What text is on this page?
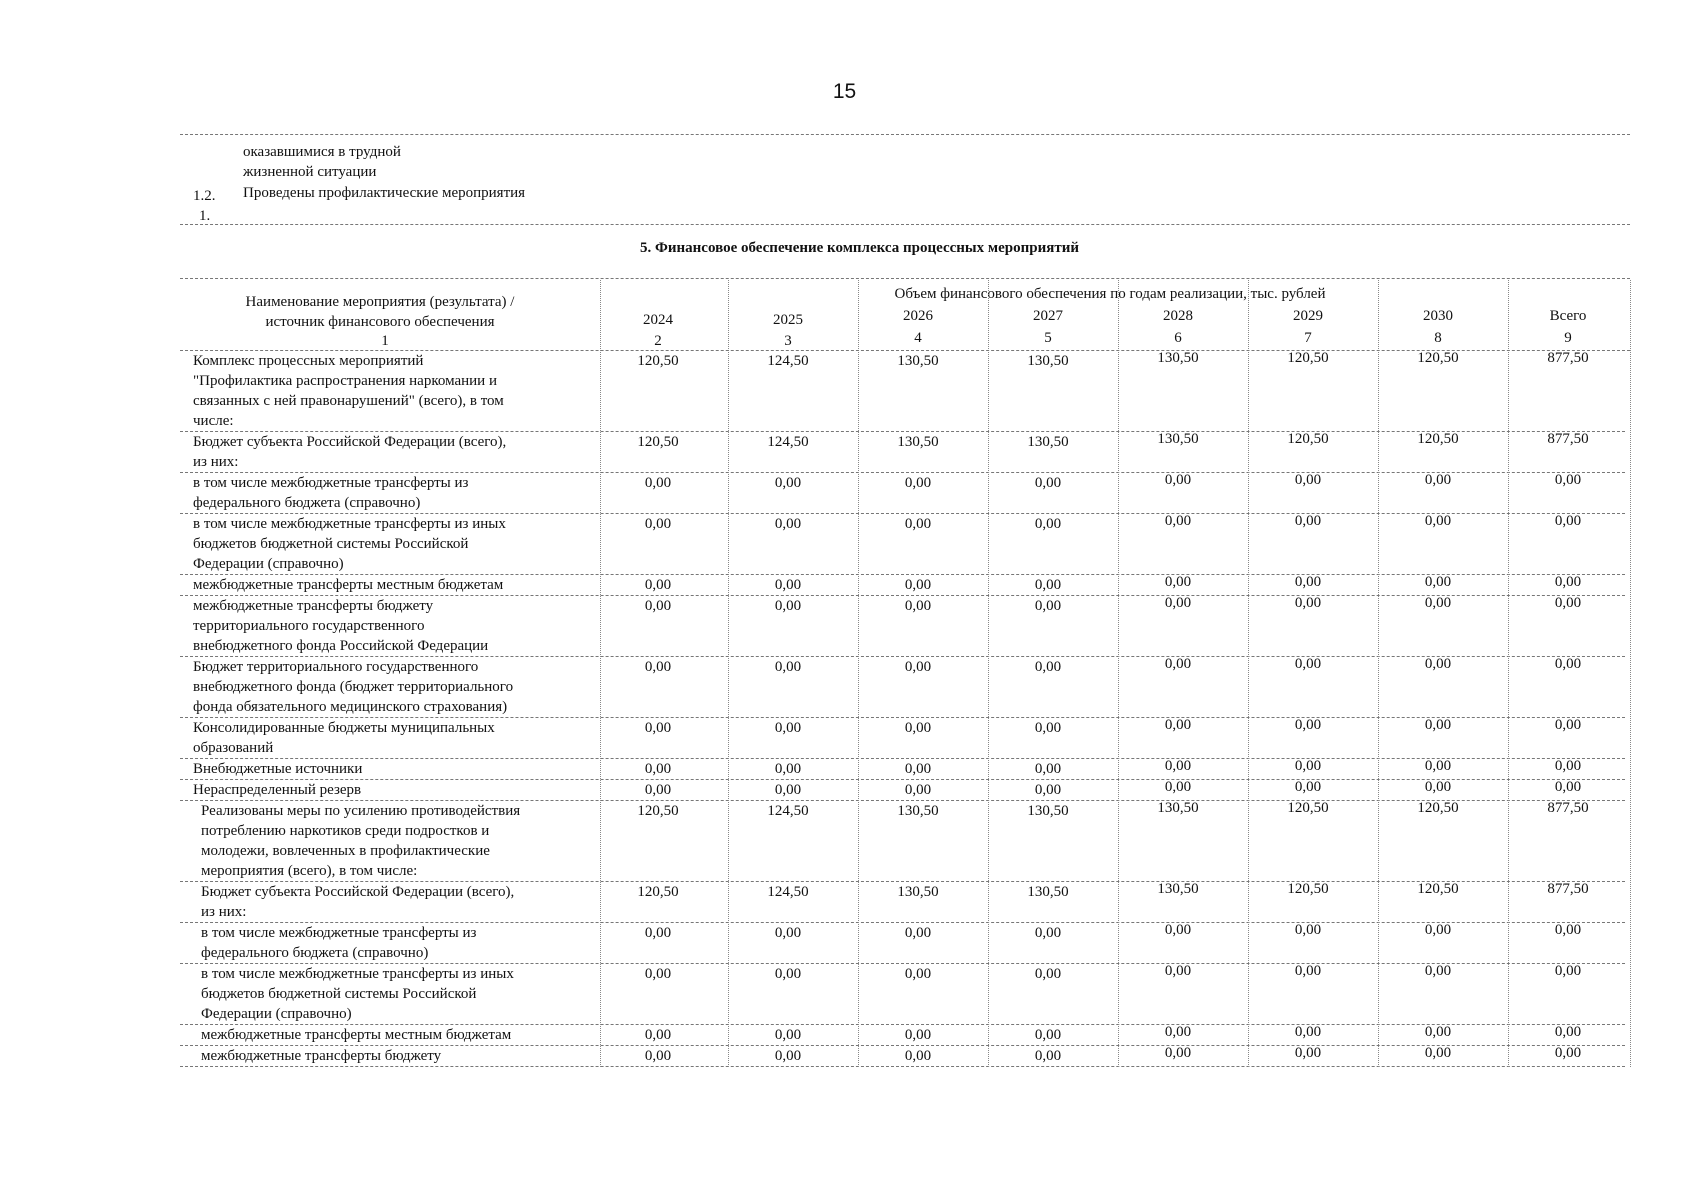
15
оказавшимися в трудной
жизненной ситуации
1.2. Проведены профилактические мероприятия
1.
5. Финансовое обеспечение комплекса процессных мероприятий
Наименование мероприятия (результата) /
источник финансового обеспечения
Объем финансового обеспечения по годам реализации, тыс. рублей
2024	2025	2026	2027	2028	2029	2030	Всего
1	2	3	4	5	6	7	8	9
Комплекс процессных мероприятий
"Профилактика распространения наркомании и
связанных с ней правонарушений" (всего), в том
числе:
120,50	124,50	130,50	130,50	130,50	120,50	120,50	877,50
Бюджет субъекта Российской Федерации (всего),
из них:
120,50	124,50	130,50	130,50	130,50	120,50	120,50	877,50
в том числе межбюджетные трансферты из
федерального бюджета (справочно)
0,00	0,00	0,00	0,00	0,00	0,00	0,00	0,00
в том числе межбюджетные трансферты из иных
бюджетов бюджетной системы Российской
Федерации (справочно)
0,00	0,00	0,00	0,00	0,00	0,00	0,00	0,00
межбюджетные трансферты местным бюджетам	0,00	0,00	0,00	0,00	0,00	0,00	0,00	0,00
межбюджетные трансферты бюджету
территориального государственного
внебюджетного фонда Российской Федерации
0,00	0,00	0,00	0,00	0,00	0,00	0,00	0,00
Бюджет территориального государственного
внебюджетного фонда (бюджет территориального
фонда обязательного медицинского страхования)
0,00	0,00	0,00	0,00	0,00	0,00	0,00	0,00
Консолидированные бюджеты муниципальных
образований
0,00	0,00	0,00	0,00	0,00	0,00	0,00	0,00
Внебюджетные источники	0,00	0,00	0,00	0,00	0,00	0,00	0,00	0,00
Нераспределенный резерв	0,00	0,00	0,00	0,00	0,00	0,00	0,00	0,00
Реализованы меры по усилению противодействия
потреблению наркотиков среди подростков и
молодежи, вовлеченных в профилактические
мероприятия (всего), в том числе:
120,50	124,50	130,50	130,50	130,50	120,50	120,50	877,50
Бюджет субъекта Российской Федерации (всего),
из них:
120,50	124,50	130,50	130,50	130,50	120,50	120,50	877,50
в том числе межбюджетные трансферты из
федерального бюджета (справочно)
0,00	0,00	0,00	0,00	0,00	0,00	0,00	0,00
в том числе межбюджетные трансферты из иных
бюджетов бюджетной системы Российской
Федерации (справочно)
0,00	0,00	0,00	0,00	0,00	0,00	0,00	0,00
межбюджетные трансферты местным бюджетам	0,00	0,00	0,00	0,00	0,00	0,00	0,00	0,00
межбюджетные трансферты бюджету	0,00	0,00	0,00	0,00	0,00	0,00	0,00	0,00
